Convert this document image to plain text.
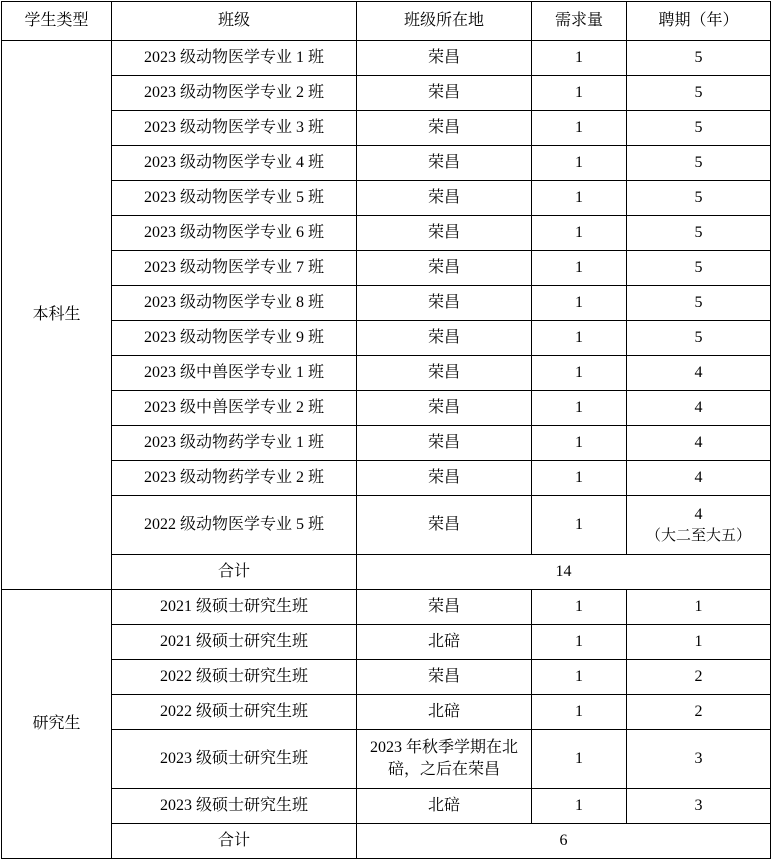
学生类型	班级	班级所在地	需求量	聘期（年）
本科生	2023 级动物医学专业 1 班	荣昌	1	5
	2023 级动物医学专业 2 班	荣昌	1	5
	2023 级动物医学专业 3 班	荣昌	1	5
	2023 级动物医学专业 4 班	荣昌	1	5
	2023 级动物医学专业 5 班	荣昌	1	5
	2023 级动物医学专业 6 班	荣昌	1	5
	2023 级动物医学专业 7 班	荣昌	1	5
	2023 级动物医学专业 8 班	荣昌	1	5
	2023 级动物医学专业 9 班	荣昌	1	5
	2023 级中兽医学专业 1 班	荣昌	1	4
	2023 级中兽医学专业 2 班	荣昌	1	4
	2023 级动物药学专业 1 班	荣昌	1	4
	2023 级动物药学专业 2 班	荣昌	1	4
	2022 级动物医学专业 5 班	荣昌	1	4
（大二至大五）

	合计	14		
研究生	2021 级硕士研究生班	荣昌	1	1
	2021 级硕士研究生班	北碚	1	1
	2022 级硕士研究生班	荣昌	1	2
	2022 级硕士研究生班	北碚	1	2
	2023 级硕士研究生班	2023 年秋季学期在北碚，之后在荣昌	1	3
	2023 级硕士研究生班	北碚	1	3
	合计	6		
